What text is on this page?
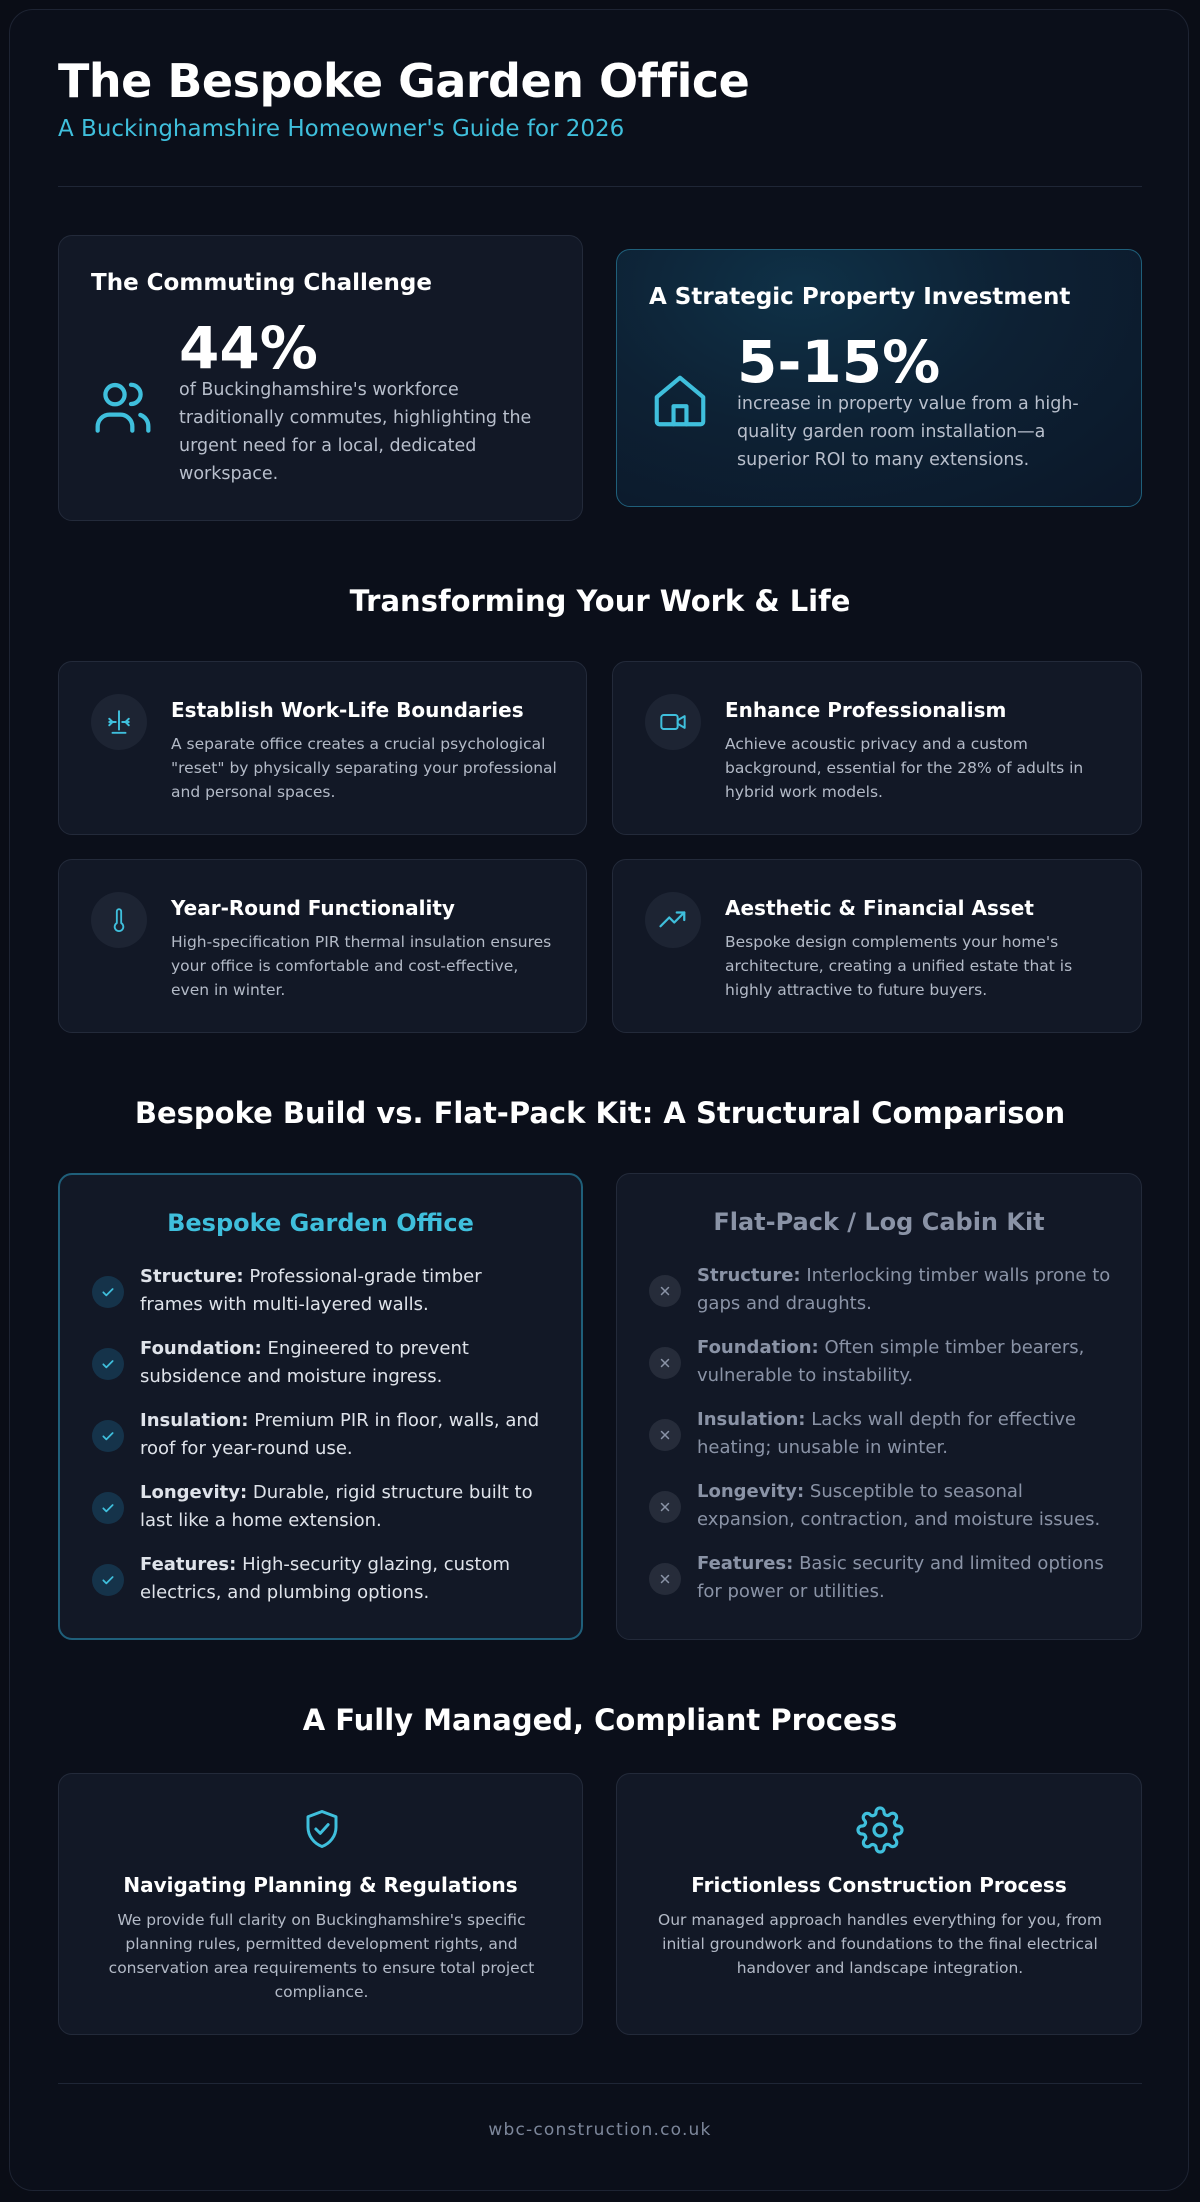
The Bespoke Garden Office
A Buckinghamshire Homeowner's Guide for 2026
The Commuting Challenge
44%
of Buckinghamshire's workforce traditionally commutes, highlighting the urgent need for a local, dedicated workspace.
A Strategic Property Investment
5-15%
increase in property value from a high-quality garden room installation—a superior ROI to many extensions.
Transforming Your Work & Life
Establish Work-Life Boundaries
A separate office creates a crucial psychological "reset" by physically separating your professional and personal spaces.
Enhance Professionalism
Achieve acoustic privacy and a custom background, essential for the 28% of adults in hybrid work models.
Year-Round Functionality
High-specification PIR thermal insulation ensures your office is comfortable and cost-effective, even in winter.
Aesthetic & Financial Asset
Bespoke design complements your home's architecture, creating a unified estate that is highly attractive to future buyers.
Bespoke Build vs. Flat-Pack Kit: A Structural Comparison
Bespoke Garden Office
Structure: Professional-grade timber frames with multi-layered walls.
Foundation: Engineered to prevent subsidence and moisture ingress.
Insulation: Premium PIR in floor, walls, and roof for year-round use.
Longevity: Durable, rigid structure built to last like a home extension.
Features: High-security glazing, custom electrics, and plumbing options.
Flat-Pack / Log Cabin Kit
Structure: Interlocking timber walls prone to gaps and draughts.
Foundation: Often simple timber bearers, vulnerable to instability.
Insulation: Lacks wall depth for effective heating; unusable in winter.
Longevity: Susceptible to seasonal expansion, contraction, and moisture issues.
Features: Basic security and limited options for power or utilities.
A Fully Managed, Compliant Process
Navigating Planning & Regulations
We provide full clarity on Buckinghamshire's specific planning rules, permitted development rights, and conservation area requirements to ensure total project compliance.
Frictionless Construction Process
Our managed approach handles everything for you, from initial groundwork and foundations to the final electrical handover and landscape integration.
wbc-construction.co.uk
